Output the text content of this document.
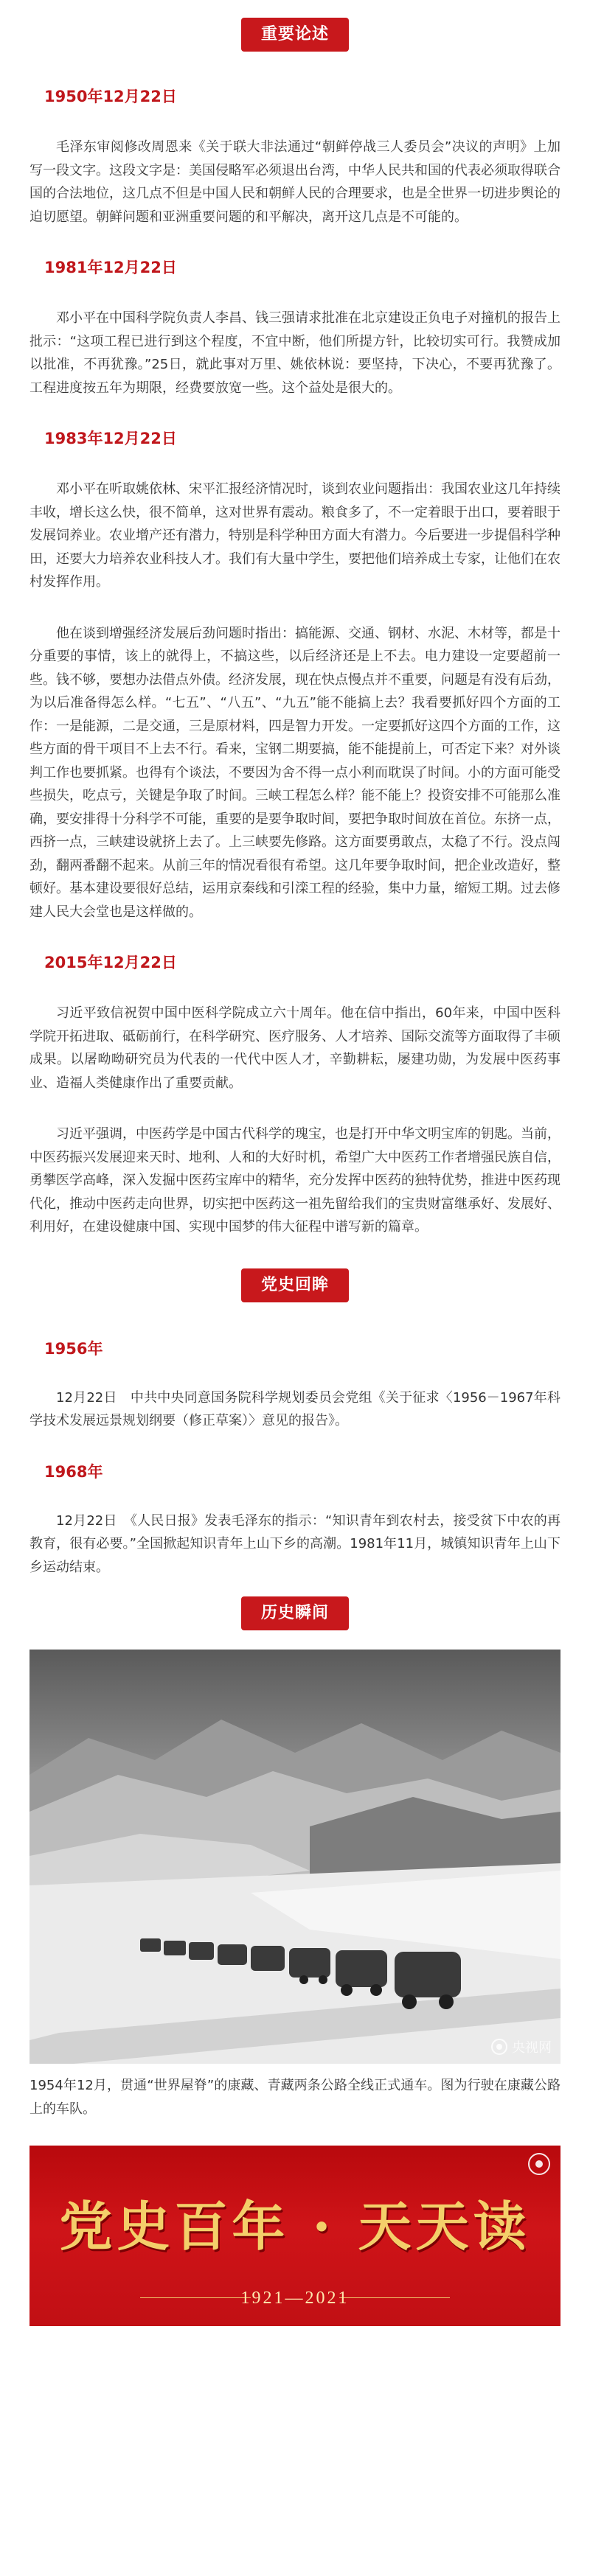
重要论述
1950年12月22日

毛泽东审阅修改周恩来《关于联大非法通过“朝鲜停战三人委员会”决议的声明》上加写一段文字。这段文字是：美国侵略军必须退出台湾，中华人民共和国的代表必须取得联合国的合法地位，这几点不但是中国人民和朝鲜人民的合理要求，也是全世界一切进步舆论的迫切愿望。朝鲜问题和亚洲重要问题的和平解决，离开这几点是不可能的。

1981年12月22日

邓小平在中国科学院负责人李昌、钱三强请求批准在北京建设正负电子对撞机的报告上批示：“这项工程已进行到这个程度，不宜中断，他们所提方针，比较切实可行。我赞成加以批准，不再犹豫。”25日，就此事对万里、姚依林说：要坚持，下决心，不要再犹豫了。工程进度按五年为期限，经费要放宽一些。这个益处是很大的。

1983年12月22日

邓小平在听取姚依林、宋平汇报经济情况时，谈到农业问题指出：我国农业这几年持续丰收，增长这么快，很不简单，这对世界有震动。粮食多了，不一定着眼于出口，要着眼于发展饲养业。农业增产还有潜力，特别是科学种田方面大有潜力。今后要进一步提倡科学种田，还要大力培养农业科技人才。我们有大量中学生，要把他们培养成土专家，让他们在农村发挥作用。

他在谈到增强经济发展后劲问题时指出：搞能源、交通、钢材、水泥、木材等，都是十分重要的事情，该上的就得上，不搞这些，以后经济还是上不去。电力建设一定要超前一些。钱不够，要想办法借点外债。经济发展，现在快点慢点并不重要，问题是有没有后劲，为以后准备得怎么样。“七五”、“八五”、“九五”能不能搞上去？我看要抓好四个方面的工作：一是能源，二是交通，三是原材料，四是智力开发。一定要抓好这四个方面的工作，这些方面的骨干项目不上去不行。看来，宝钢二期要搞，能不能提前上，可否定下来？对外谈判工作也要抓紧。也得有个谈法，不要因为舍不得一点小利而耽误了时间。小的方面可能受些损失，吃点亏，关键是争取了时间。三峡工程怎么样？能不能上？投资安排不可能那么准确，要安排得十分科学不可能，重要的是要争取时间，要把争取时间放在首位。东挤一点，西挤一点，三峡建设就挤上去了。上三峡要先修路。这方面要勇敢点，太稳了不行。没点闯劲，翻两番翻不起来。从前三年的情况看很有希望。这几年要争取时间，把企业改造好，整顿好。基本建设要很好总结，运用京秦线和引滦工程的经验，集中力量，缩短工期。过去修建人民大会堂也是这样做的。

2015年12月22日

习近平致信祝贺中国中医科学院成立六十周年。他在信中指出，60年来，中国中医科学院开拓进取、砥砺前行，在科学研究、医疗服务、人才培养、国际交流等方面取得了丰硕成果。以屠呦呦研究员为代表的一代代中医人才，辛勤耕耘，屡建功勋，为发展中医药事业、造福人类健康作出了重要贡献。

习近平强调，中医药学是中国古代科学的瑰宝，也是打开中华文明宝库的钥匙。当前，中医药振兴发展迎来天时、地利、人和的大好时机，希望广大中医药工作者增强民族自信，勇攀医学高峰，深入发掘中医药宝库中的精华，充分发挥中医药的独特优势，推进中医药现代化，推动中医药走向世界，切实把中医药这一祖先留给我们的宝贵财富继承好、发展好、利用好，在建设健康中国、实现中国梦的伟大征程中谱写新的篇章。

党史回眸
1956年

12月22日　中共中央同意国务院科学规划委员会党组《关于征求〈1956－1967年科学技术发展远景规划纲要（修正草案）〉意见的报告》。

1968年

12月22日　《人民日报》发表毛泽东的指示：“知识青年到农村去，接受贫下中农的再教育，很有必要。”全国掀起知识青年上山下乡的高潮。1981年11月，城镇知识青年上山下乡运动结束。

历史瞬间
央视网

1954年12月，贯通“世界屋脊”的康藏、青藏两条公路全线正式通车。图为行驶在康藏公路上的车队。

党史百年 · 天天读
1921—2021
